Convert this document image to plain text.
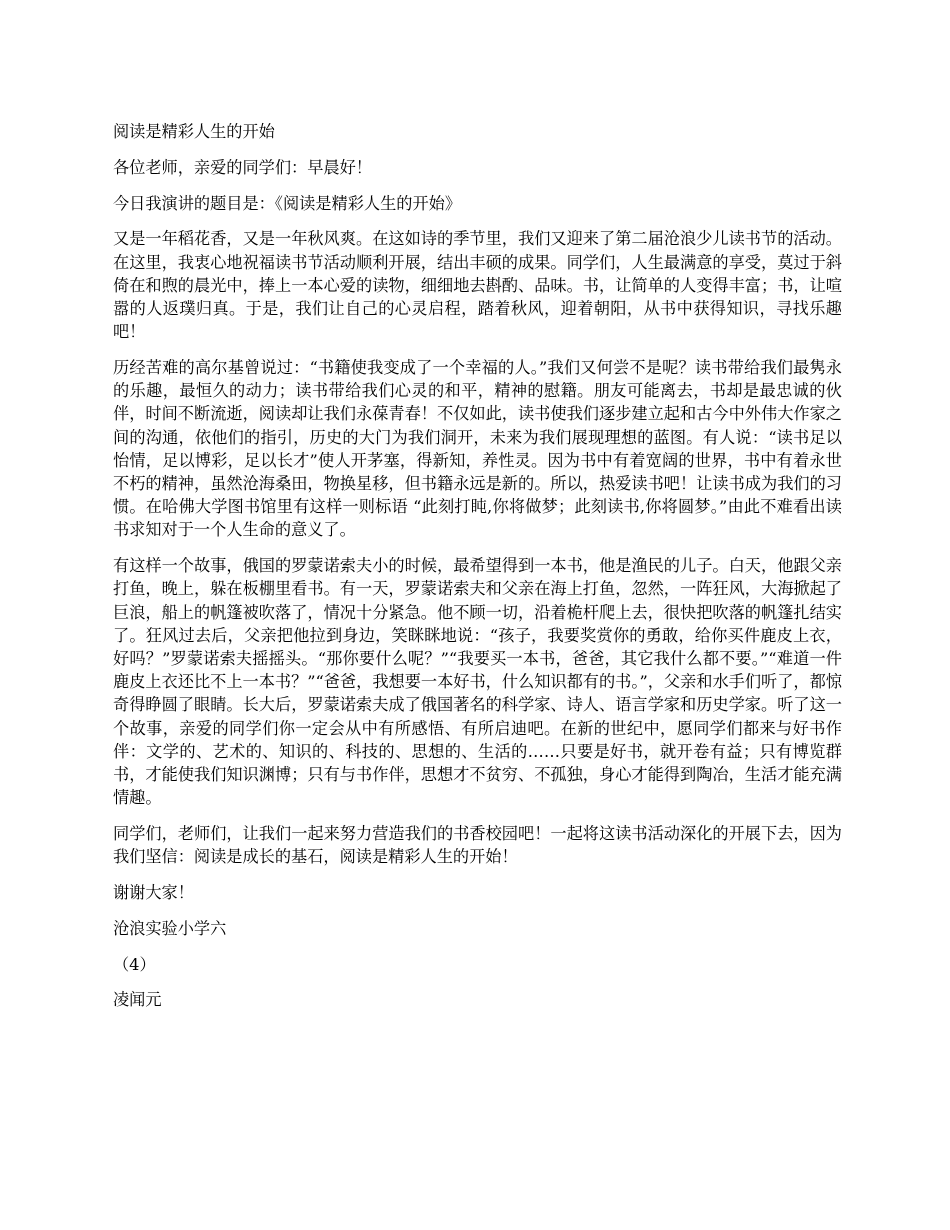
阅读是精彩人生的开始

各位老师，亲爱的同学们：早晨好！

今日我演讲的题目是：《阅读是精彩人生的开始》

又是一年稻花香，又是一年秋风爽。在这如诗的季节里，我们又迎来了第二届沧浪少儿读书节的活动。在这里，我衷心地祝福读书节活动顺利开展，结出丰硕的成果。同学们，人生最满意的享受，莫过于斜倚在和煦的晨光中，捧上一本心爱的读物，细细地去斟酌、品味。书，让简单的人变得丰富；书，让喧嚣的人返璞归真。于是，我们让自己的心灵启程，踏着秋风，迎着朝阳，从书中获得知识，寻找乐趣吧！

历经苦难的高尔基曾说过：“书籍使我变成了一个幸福的人。”我们又何尝不是呢？读书带给我们最隽永的乐趣，最恒久的动力；读书带给我们心灵的和平，精神的慰籍。朋友可能离去，书却是最忠诚的伙伴，时间不断流逝，阅读却让我们永葆青春！不仅如此，读书使我们逐步建立起和古今中外伟大作家之间的沟通，依他们的指引，历史的大门为我们洞开，未来为我们展现理想的蓝图。有人说：“读书足以怡情，足以博彩，足以长才”使人开茅塞，得新知，养性灵。因为书中有着宽阔的世界，书中有着永世不朽的精神，虽然沧海桑田，物换星移，但书籍永远是新的。所以，热爱读书吧！让读书成为我们的习惯。在哈佛大学图书馆里有这样一则标语 “此刻打盹,你将做梦；此刻读书,你将圆梦。”由此不难看出读书求知对于一个人生命的意义了。

有这样一个故事，俄国的罗蒙诺索夫小的时候，最希望得到一本书，他是渔民的儿子。白天，他跟父亲打鱼，晚上，躲在板棚里看书。有一天，罗蒙诺索夫和父亲在海上打鱼，忽然，一阵狂风，大海掀起了巨浪，船上的帆篷被吹落了，情况十分紧急。他不顾一切，沿着桅杆爬上去，很快把吹落的帆篷扎结实了。狂风过去后，父亲把他拉到身边，笑眯眯地说：“孩子，我要奖赏你的勇敢，给你买件鹿皮上衣，好吗？”罗蒙诺索夫摇摇头。“那你要什么呢？”“我要买一本书，爸爸，其它我什么都不要。”“难道一件鹿皮上衣还比不上一本书？”“爸爸，我想要一本好书，什么知识都有的书。”，父亲和水手们听了，都惊奇得睁圆了眼睛。长大后，罗蒙诺索夫成了俄国著名的科学家、诗人、语言学家和历史学家。听了这一个故事，亲爱的同学们你一定会从中有所感悟、有所启迪吧。在新的世纪中，愿同学们都来与好书作伴：文学的、艺术的、知识的、科技的、思想的、生活的……只要是好书，就开卷有益；只有博览群书，才能使我们知识渊博；只有与书作伴，思想才不贫穷、不孤独，身心才能得到陶冶，生活才能充满情趣。

同学们，老师们，让我们一起来努力营造我们的书香校园吧！一起将这读书活动深化的开展下去，因为我们坚信：阅读是成长的基石，阅读是精彩人生的开始！

谢谢大家！

沧浪实验小学六

（4）

凌闻元
